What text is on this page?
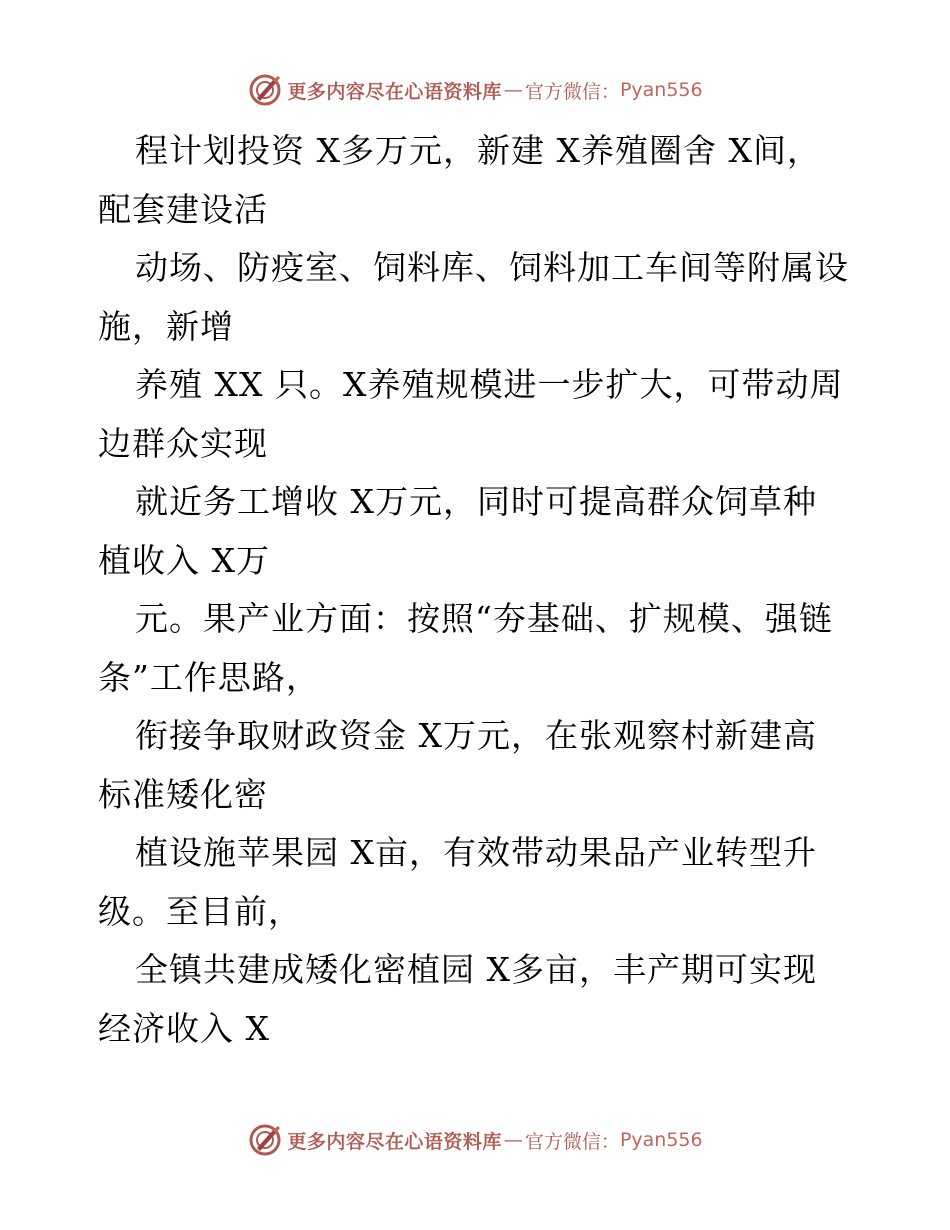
更多内容尽在心语资料库 — 官方微信： Pyan556
程计划投资 X多万元，新建 X养殖圈舍 X间，
配套建设活
动场、防疫室、饲料库、饲料加工车间等附属设
施，新增
养殖 XX 只。X养殖规模进一步扩大，可带动周
边群众实现
就近务工增收 X万元，同时可提高群众饲草种
植收入 X万
元。果产业方面：按照“夯基础、扩规模、强链
条”工作思路，
衔接争取财政资金 X万元，在张观察村新建高
标准矮化密
植设施苹果园 X亩，有效带动果品产业转型升
级。至目前，
全镇共建成矮化密植园 X多亩，丰产期可实现
经济收入 X
更多内容尽在心语资料库 — 官方微信： Pyan556
